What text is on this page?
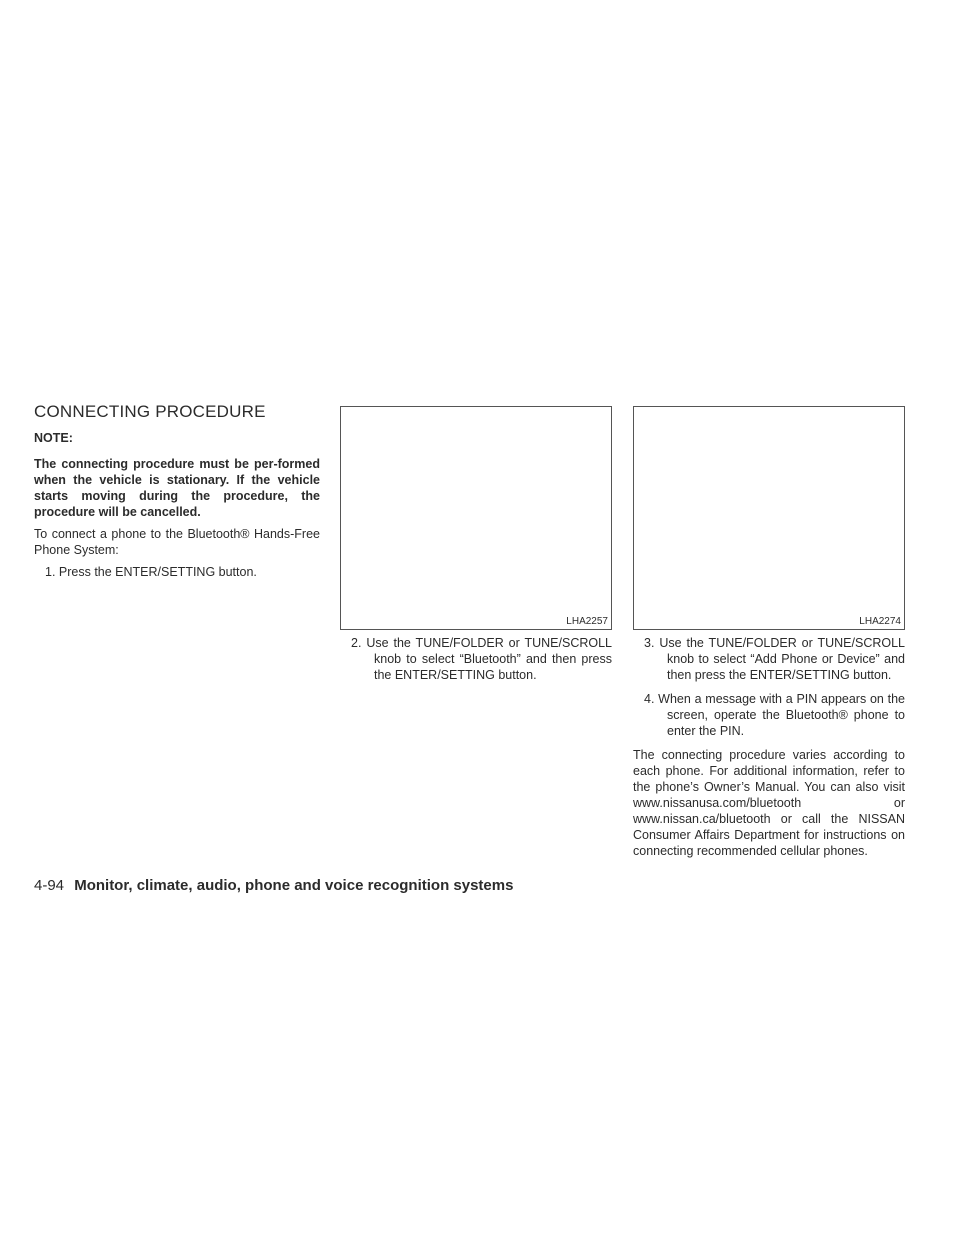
CONNECTING PROCEDURE

NOTE:

The connecting procedure must be per-formed when the vehicle is stationary. If the vehicle starts moving during the procedure, the procedure will be cancelled.

To connect a phone to the Bluetooth® Hands-Free Phone System:

1. Press the ENTER/SETTING button.

LHA2257

2. Use the TUNE/FOLDER or TUNE/SCROLL knob to select “Bluetooth” and then press the ENTER/SETTING button.

LHA2274

3. Use the TUNE/FOLDER or TUNE/SCROLL knob to select “Add Phone or Device” and then press the ENTER/SETTING button.

4. When a message with a PIN appears on the screen, operate the Bluetooth® phone to enter the PIN.

The connecting procedure varies according to each phone. For additional information, refer to the phone’s Owner’s Manual. You can also visit www.nissanusa.com/bluetooth or www.nissan.ca/bluetooth or call the NISSAN Consumer Affairs Department for instructions on connecting recommended cellular phones.

4-94 Monitor, climate, audio, phone and voice recognition systems
